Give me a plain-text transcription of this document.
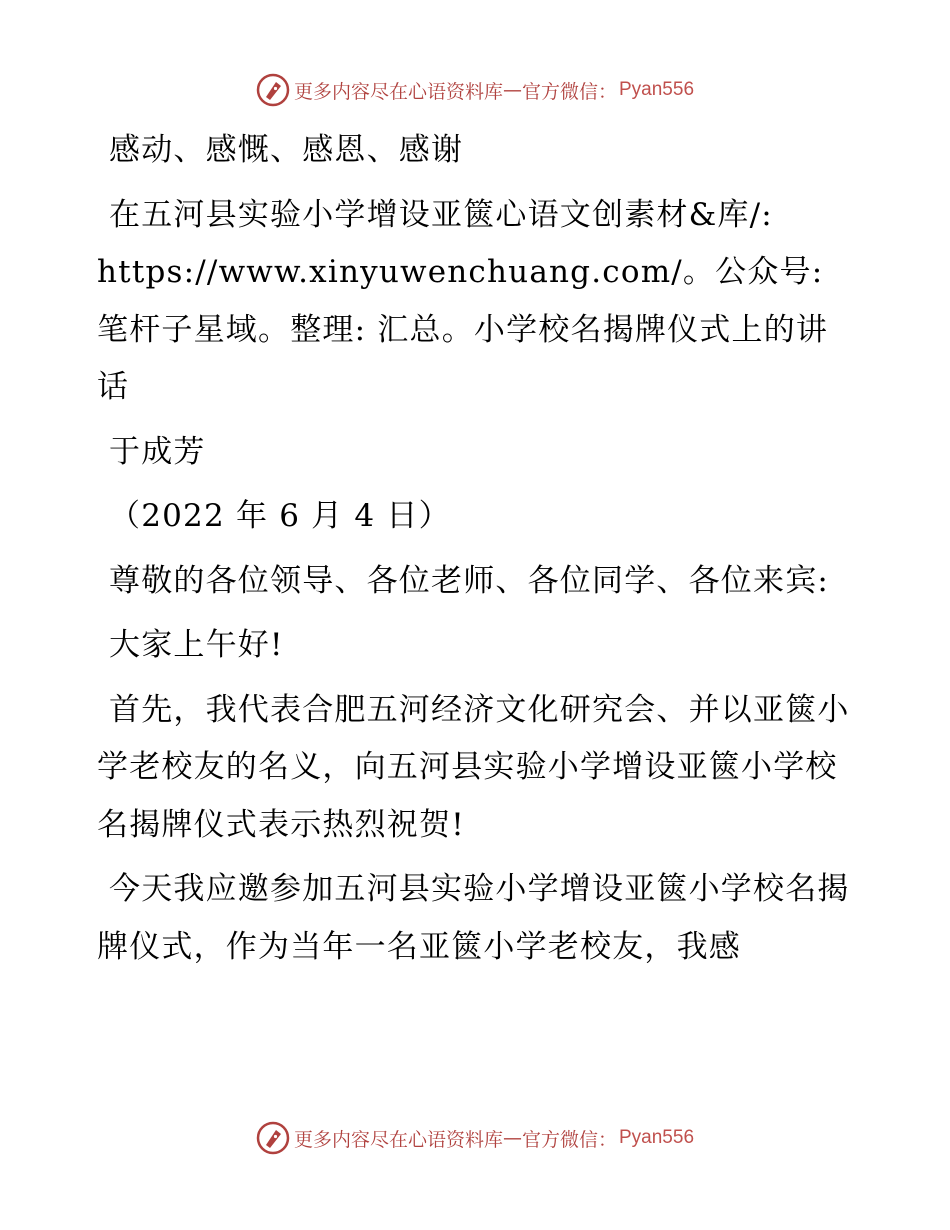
更多内容尽在心语资料库 — 官方微信： Pyan556

感动、感慨、感恩、感谢

在五河县实验小学增设亚篋心语文创素材&库/: https://www.xinyuwenchuang.com/。公众号: 笔杆子星域。整理: 汇总。小学校名揭牌仪式上的讲话

于成芳

（2022 年 6 月 4 日）

尊敬的各位领导、各位老师、各位同学、各位来宾:

大家上午好!

首先，我代表合肥五河经济文化研究会、并以亚篋小学老校友的名义，向五河县实验小学增设亚篋小学校名揭牌仪式表示热烈祝贺!

今天我应邀参加五河县实验小学增设亚篋小学校名揭牌仪式，作为当年一名亚篋小学老校友，我感

更多内容尽在心语资料库 — 官方微信： Pyan556
